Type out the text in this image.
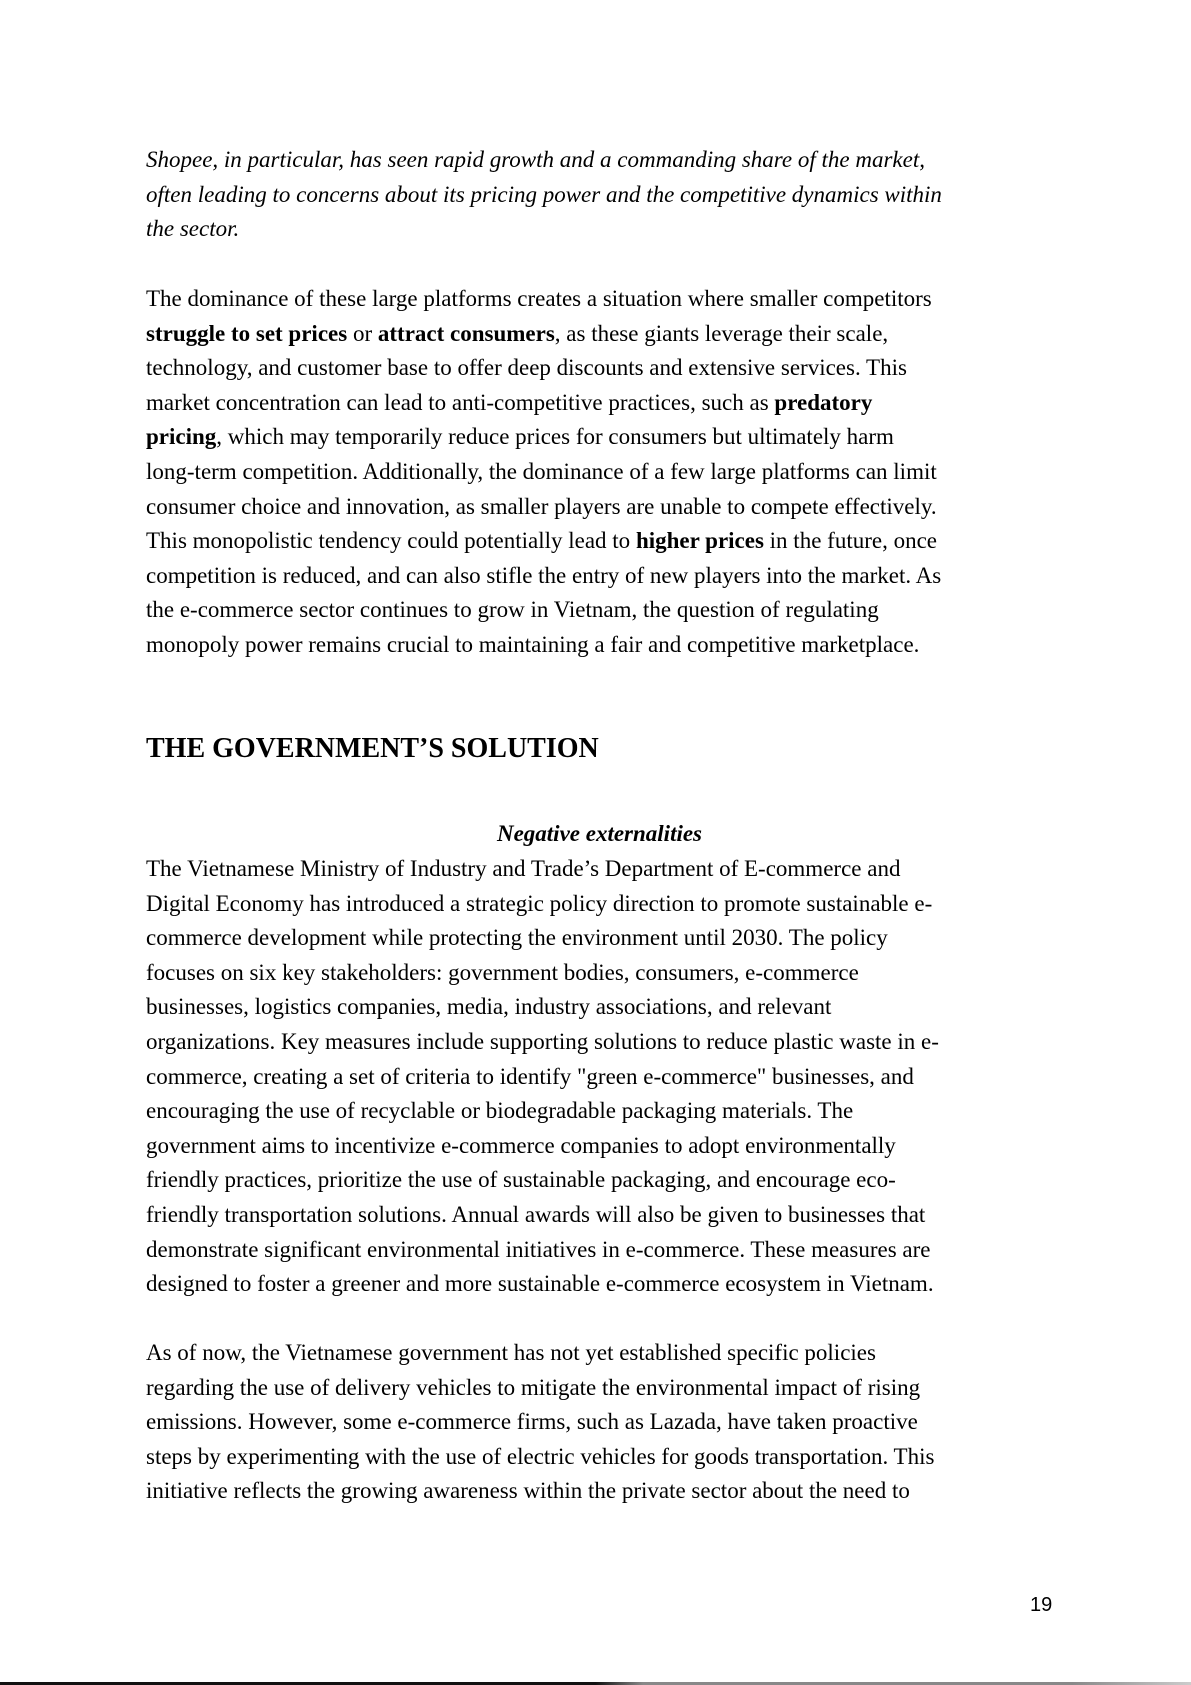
Shopee, in particular, has seen rapid growth and a commanding share of the market,
often leading to concerns about its pricing power and the competitive dynamics within
the sector.
The dominance of these large platforms creates a situation where smaller competitors
struggle to set prices or attract consumers, as these giants leverage their scale,
technology, and customer base to offer deep discounts and extensive services. This
market concentration can lead to anti-competitive practices, such as predatory
pricing, which may temporarily reduce prices for consumers but ultimately harm
long-term competition. Additionally, the dominance of a few large platforms can limit
consumer choice and innovation, as smaller players are unable to compete effectively.
This monopolistic tendency could potentially lead to higher prices in the future, once
competition is reduced, and can also stifle the entry of new players into the market. As
the e-commerce sector continues to grow in Vietnam, the question of regulating
monopoly power remains crucial to maintaining a fair and competitive marketplace.
THE GOVERNMENT’S SOLUTION
Negative externalities
The Vietnamese Ministry of Industry and Trade’s Department of E-commerce and
Digital Economy has introduced a strategic policy direction to promote sustainable e-
commerce development while protecting the environment until 2030. The policy
focuses on six key stakeholders: government bodies, consumers, e-commerce
businesses, logistics companies, media, industry associations, and relevant
organizations. Key measures include supporting solutions to reduce plastic waste in e-
commerce, creating a set of criteria to identify "green e-commerce" businesses, and
encouraging the use of recyclable or biodegradable packaging materials. The
government aims to incentivize e-commerce companies to adopt environmentally
friendly practices, prioritize the use of sustainable packaging, and encourage eco-
friendly transportation solutions. Annual awards will also be given to businesses that
demonstrate significant environmental initiatives in e-commerce. These measures are
designed to foster a greener and more sustainable e-commerce ecosystem in Vietnam.
As of now, the Vietnamese government has not yet established specific policies
regarding the use of delivery vehicles to mitigate the environmental impact of rising
emissions. However, some e-commerce firms, such as Lazada, have taken proactive
steps by experimenting with the use of electric vehicles for goods transportation. This
initiative reflects the growing awareness within the private sector about the need to
19
